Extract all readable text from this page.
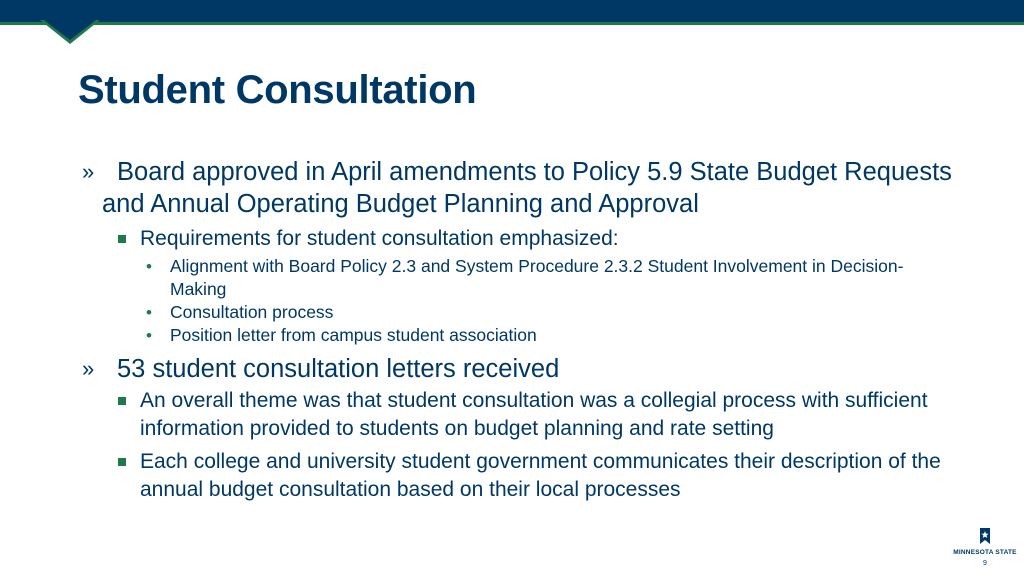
Student Consultation

» Board approved in April amendments to Policy 5.9 State Budget Requests and Annual Operating Budget Planning and Approval

Requirements for student consultation emphasized:

• Alignment with Board Policy 2.3 and System Procedure 2.3.2 Student Involvement in Decision-Making

• Consultation process

• Position letter from campus student association

» 53 student consultation letters received

An overall theme was that student consultation was a collegial process with sufficient information provided to students on budget planning and rate setting

Each college and university student government communicates their description of the annual budget consultation based on their local processes

MINNESOTA STATE
9
